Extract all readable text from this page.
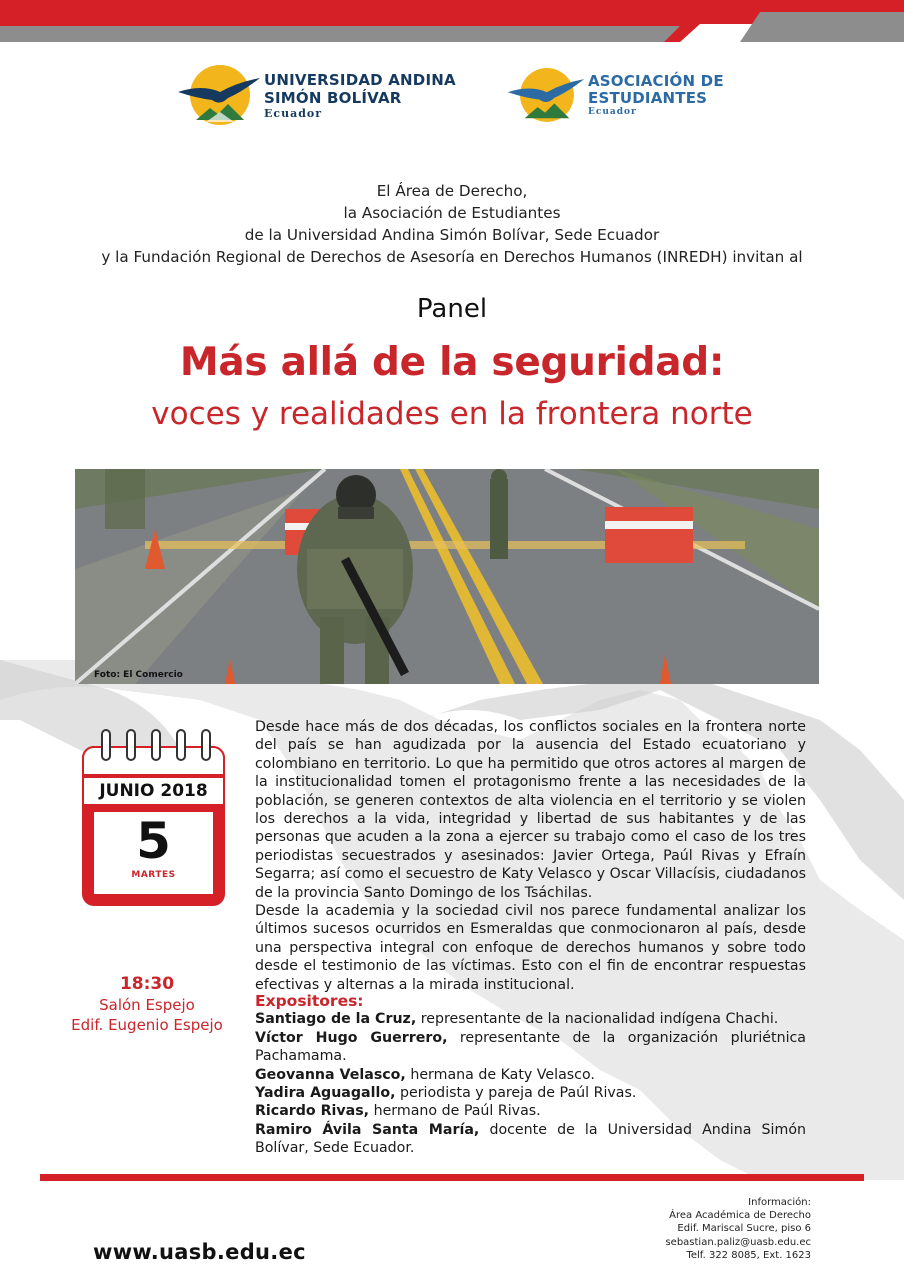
UNIVERSIDAD ANDINA
SIMÓN BOLÍVAR
Ecuador
ASOCIACIÓN DE
ESTUDIANTES
Ecuador
El Área de Derecho,
la Asociación de Estudiantes
de la Universidad Andina Simón Bolívar, Sede Ecuador
y la Fundación Regional de Derechos de Asesoría en Derechos Humanos (INREDH) invitan al
Panel
Más allá de la seguridad:
voces y realidades en la frontera norte
Foto: El Comercio
JUNIO 2018
5
MARTES
18:30
Salón Espejo
Edif. Eugenio Espejo

Desde hace más de dos décadas, los conflictos sociales en la frontera norte del país se han agudizada por la ausencia del Estado ecuatoriano y colombiano en territorio. Lo que ha permitido que otros actores al margen de la institucionalidad tomen el protagonismo frente a las necesidades de la población, se generen contextos de alta violencia en el territorio y se violen los derechos a la vida, integridad y libertad de sus habitantes y de las personas que acuden a la zona a ejercer su trabajo como el caso de los tres periodistas secuestrados y asesinados: Javier Ortega, Paúl Rivas y Efraín Segarra; así como el secuestro de Katy Velasco y Oscar Villacísis, ciudadanos de la provincia Santo Domingo de los Tsáchilas.

Desde la academia y la sociedad civil nos parece fundamental analizar los últimos sucesos ocurridos en Esmeraldas que conmocionaron al país, desde una perspectiva integral con enfoque de derechos humanos y sobre todo desde el testimonio de las víctimas. Esto con el fin de encontrar respuestas efectivas y alternas a la mirada institucional.

Expositores:
Santiago de la Cruz, representante de la nacionalidad indígena Chachi.
Víctor Hugo Guerrero, representante de la organización pluriétnica Pachamama.
Geovanna Velasco, hermana de Katy Velasco.
Yadira Aguagallo, periodista y pareja de Paúl Rivas.
Ricardo Rivas, hermano de Paúl Rivas.
Ramiro Ávila Santa María, docente de la Universidad Andina Simón Bolívar, Sede Ecuador.
Información:
Área Académica de Derecho
Edif. Mariscal Sucre, piso 6
sebastian.paliz@uasb.edu.ec
Telf. 322 8085, Ext. 1623
www.uasb.edu.ec
